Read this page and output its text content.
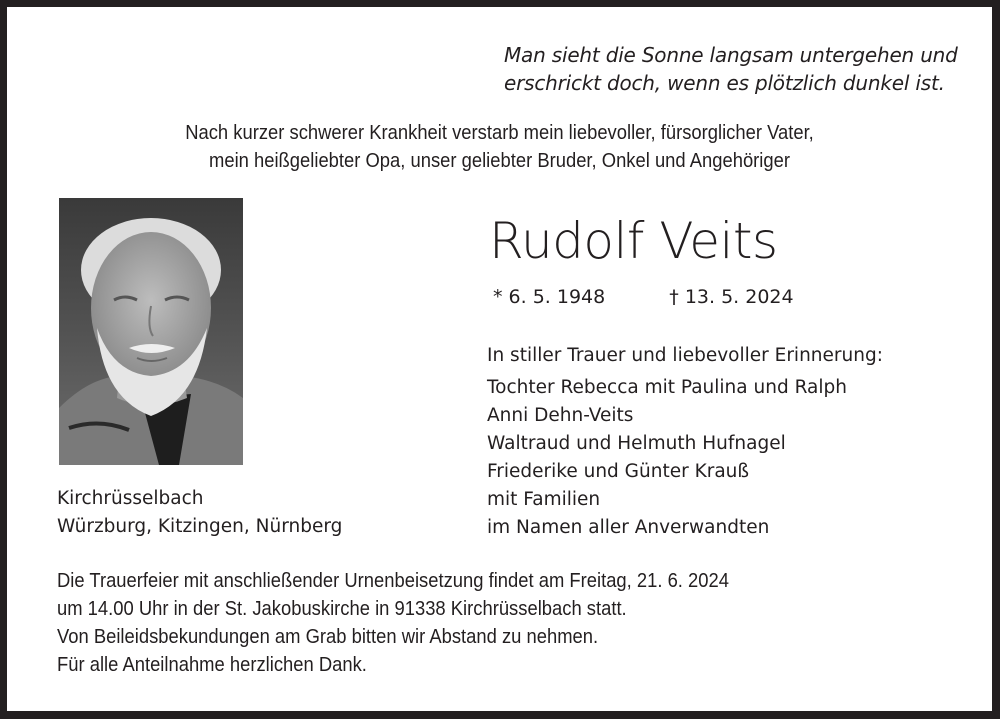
Man sieht die Sonne langsam untergehen und
erschrickt doch, wenn es plötzlich dunkel ist.
Nach kurzer schwerer Krankheit verstarb mein liebevoller, fürsorglicher Vater,
mein heißgeliebter Opa, unser geliebter Bruder, Onkel und Angehöriger
Rudolf Veits
* 6. 5. 1948	† 13. 5. 2024
In stiller Trauer und liebevoller Erinnerung:
Tochter Rebecca mit Paulina und Ralph
Anni Dehn-Veits
Waltraud und Helmuth Hufnagel
Friederike und Günter Krauß
mit Familien
im Namen aller Anverwandten
Kirchrüsselbach
Würzburg, Kitzingen, Nürnberg
Die Trauerfeier mit anschließender Urnenbeisetzung findet am Freitag, 21. 6. 2024
um 14.00 Uhr in der St. Jakobuskirche in 91338 Kirchrüsselbach statt.
Von Beileidsbekundungen am Grab bitten wir Abstand zu nehmen.
Für alle Anteilnahme herzlichen Dank.
